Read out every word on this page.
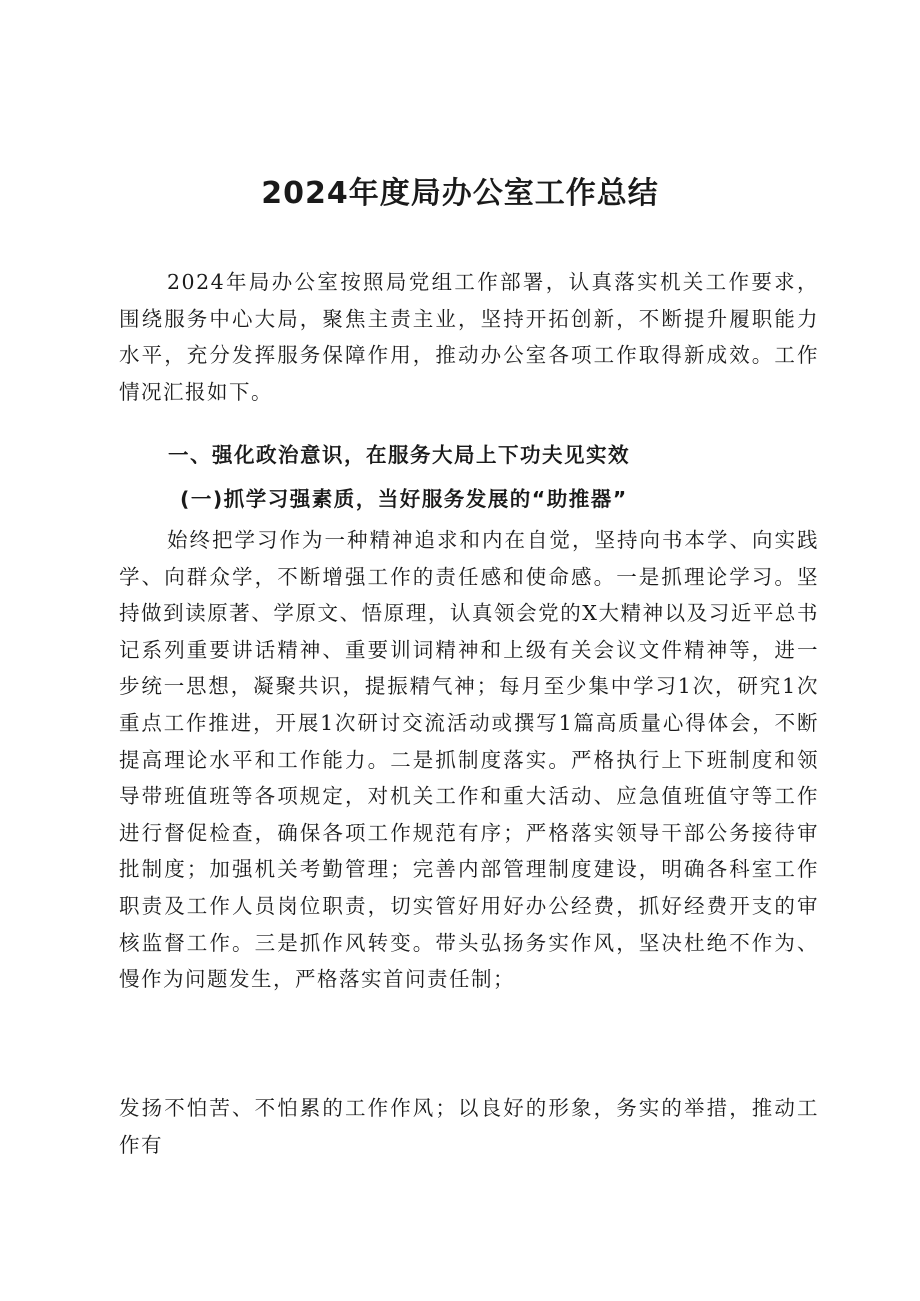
2024年度局办公室工作总结

2024年局办公室按照局党组工作部署，认真落实机关工作要求，围绕服务中心大局，聚焦主责主业，坚持开拓创新，不断提升履职能力水平，充分发挥服务保障作用，推动办公室各项工作取得新成效。工作情况汇报如下。

一、强化政治意识，在服务大局上下功夫见实效

(一)抓学习强素质，当好服务发展的“助推器”

始终把学习作为一种精神追求和内在自觉，坚持向书本学、向实践学、向群众学，不断增强工作的责任感和使命感。一是抓理论学习。坚持做到读原著、学原文、悟原理，认真领会党的X大精神以及习近平总书记系列重要讲话精神、重要训词精神和上级有关会议文件精神等，进一步统一思想，凝聚共识，提振精气神；每月至少集中学习1次，研究1次重点工作推进，开展1次研讨交流活动或撰写1篇高质量心得体会，不断提高理论水平和工作能力。二是抓制度落实。严格执行上下班制度和领导带班值班等各项规定，对机关工作和重大活动、应急值班值守等工作进行督促检查，确保各项工作规范有序；严格落实领导干部公务接待审批制度；加强机关考勤管理；完善内部管理制度建设，明确各科室工作职责及工作人员岗位职责，切实管好用好办公经费，抓好经费开支的审核监督工作。三是抓作风转变。带头弘扬务实作风，坚决杜绝不作为、慢作为问题发生，严格落实首问责任制；

发扬不怕苦、不怕累的工作作风；以良好的形象，务实的举措，推动工作有
